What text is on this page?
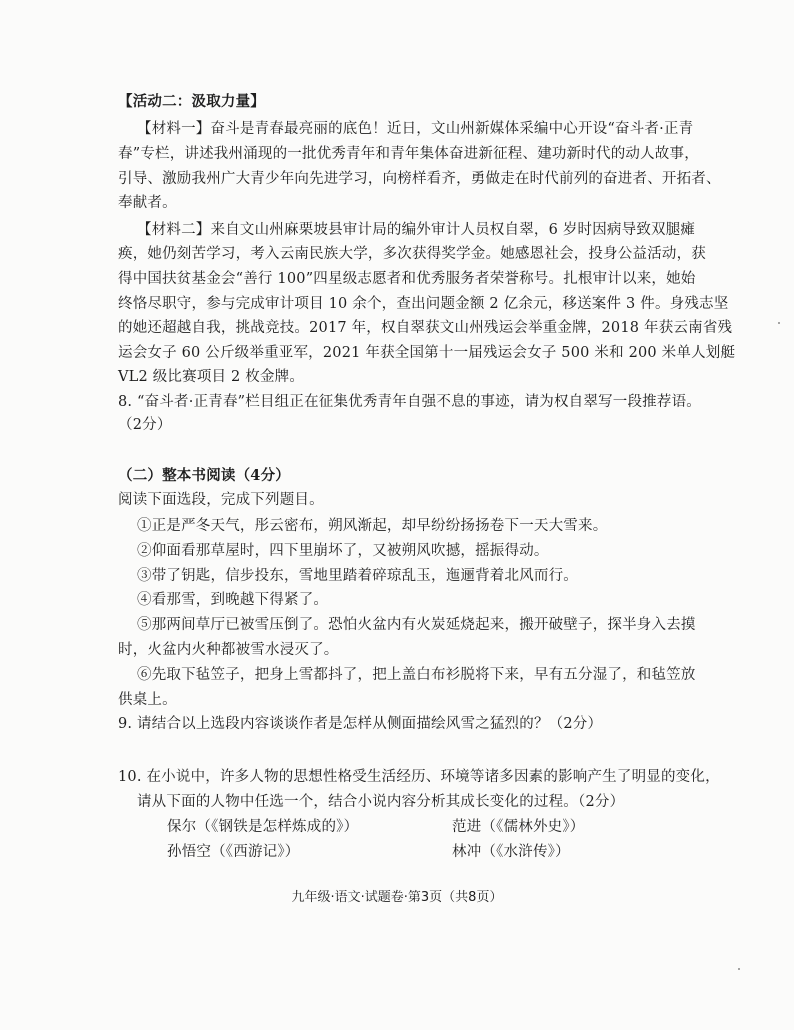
【活动二：汲取力量】
【材料一】奋斗是青春最亮丽的底色！近日，文山州新媒体采编中心开设“奋斗者·正青
春”专栏，讲述我州涌现的一批优秀青年和青年集体奋进新征程、建功新时代的动人故事，
引导、激励我州广大青少年向先进学习，向榜样看齐，勇做走在时代前列的奋进者、开拓者、
奉献者。
【材料二】来自文山州麻栗坡县审计局的编外审计人员权自翠，6 岁时因病导致双腿瘫
痪，她仍刻苦学习，考入云南民族大学，多次获得奖学金。她感恩社会，投身公益活动，获
得中国扶贫基金会“善行 100”四星级志愿者和优秀服务者荣誉称号。扎根审计以来，她始
终恪尽职守，参与完成审计项目 10 余个，查出问题金额 2 亿余元，移送案件 3 件。身残志坚
的她还超越自我，挑战竞技。2017 年，权自翠获文山州残运会举重金牌，2018 年获云南省残
运会女子 60 公斤级举重亚军，2021 年获全国第十一届残运会女子 500 米和 200 米单人划艇
VL2 级比赛项目 2 枚金牌。
8. “奋斗者·正青春”栏目组正在征集优秀青年自强不息的事迹，请为权自翠写一段推荐语。
（2分）
（二）整本书阅读（4分）
阅读下面选段，完成下列题目。
①正是严冬天气，彤云密布，朔风渐起，却早纷纷扬扬卷下一天大雪来。
②仰面看那草屋时，四下里崩坏了，又被朔风吹撼，摇振得动。
③带了钥匙，信步投东，雪地里踏着碎琼乱玉，迤逦背着北风而行。
④看那雪，到晚越下得紧了。
⑤那两间草厅已被雪压倒了。恐怕火盆内有火炭延烧起来，搬开破壁子，探半身入去摸
时，火盆内火种都被雪水浸灭了。
⑥先取下毡笠子，把身上雪都抖了，把上盖白布衫脱将下来，早有五分湿了，和毡笠放
供桌上。
9. 请结合以上选段内容谈谈作者是怎样从侧面描绘风雪之猛烈的？（2分）
10. 在小说中，许多人物的思想性格受生活经历、环境等诸多因素的影响产生了明显的变化，
请从下面的人物中任选一个，结合小说内容分析其成长变化的过程。（2分）
保尔（《钢铁是怎样炼成的》）	范进（《儒林外史》）
孙悟空（《西游记》）	林冲（《水浒传》）
九年级·语文·试题卷·第3页（共8页）
